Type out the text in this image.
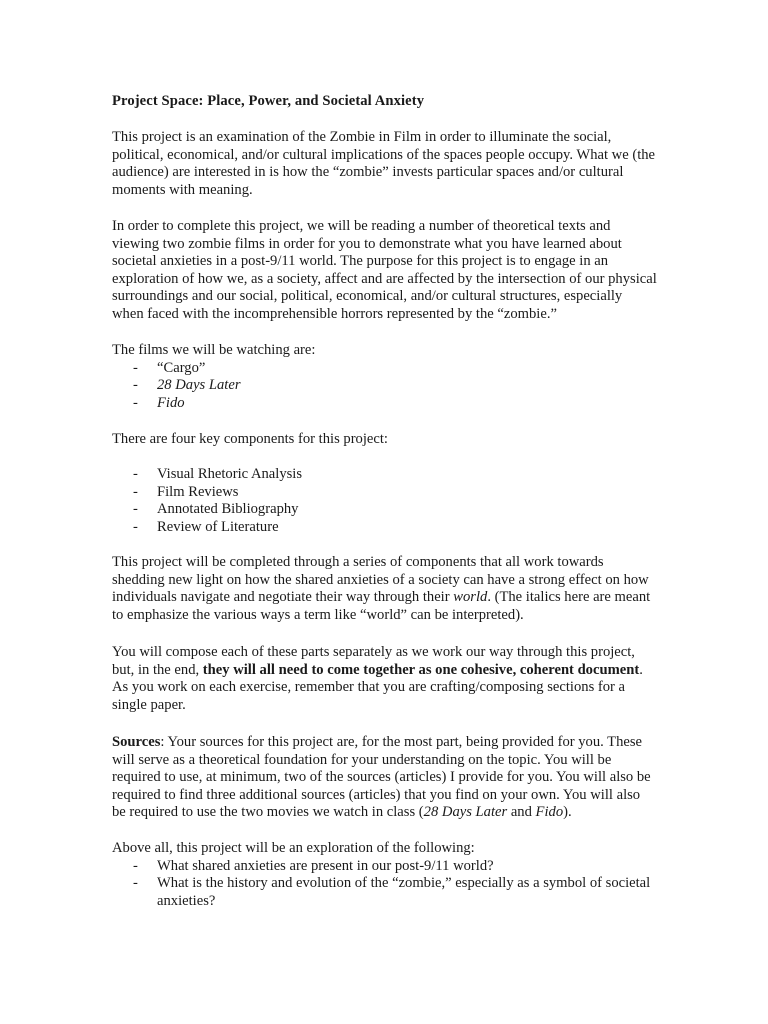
Project Space: Place, Power, and Societal Anxiety

This project is an examination of the Zombie in Film in order to illuminate the social, political, economical, and/or cultural implications of the spaces people occupy. What we (the audience) are interested in is how the “zombie” invests particular spaces and/or cultural moments with meaning.

In order to complete this project, we will be reading a number of theoretical texts and viewing two zombie films in order for you to demonstrate what you have learned about societal anxieties in a post-9/11 world. The purpose for this project is to engage in an exploration of how we, as a society, affect and are affected by the intersection of our physical surroundings and our social, political, economical, and/or cultural structures, especially when faced with the incomprehensible horrors represented by the “zombie.”

The films we will be watching are:

- “Cargo”
- 28 Days Later
- Fido

There are four key components for this project:

- Visual Rhetoric Analysis
- Film Reviews
- Annotated Bibliography
- Review of Literature

This project will be completed through a series of components that all work towards shedding new light on how the shared anxieties of a society can have a strong effect on how individuals navigate and negotiate their way through their world. (The italics here are meant to emphasize the various ways a term like “world” can be interpreted).

You will compose each of these parts separately as we work our way through this project, but, in the end, they will all need to come together as one cohesive, coherent document. As you work on each exercise, remember that you are crafting/composing sections for a single paper.

Sources: Your sources for this project are, for the most part, being provided for you. These will serve as a theoretical foundation for your understanding on the topic. You will be required to use, at minimum, two of the sources (articles) I provide for you. You will also be required to find three additional sources (articles) that you find on your own. You will also be required to use the two movies we watch in class (28 Days Later and Fido).

Above all, this project will be an exploration of the following:

- What shared anxieties are present in our post-9/11 world?
- What is the history and evolution of the “zombie,” especially as a symbol of societal anxieties?
